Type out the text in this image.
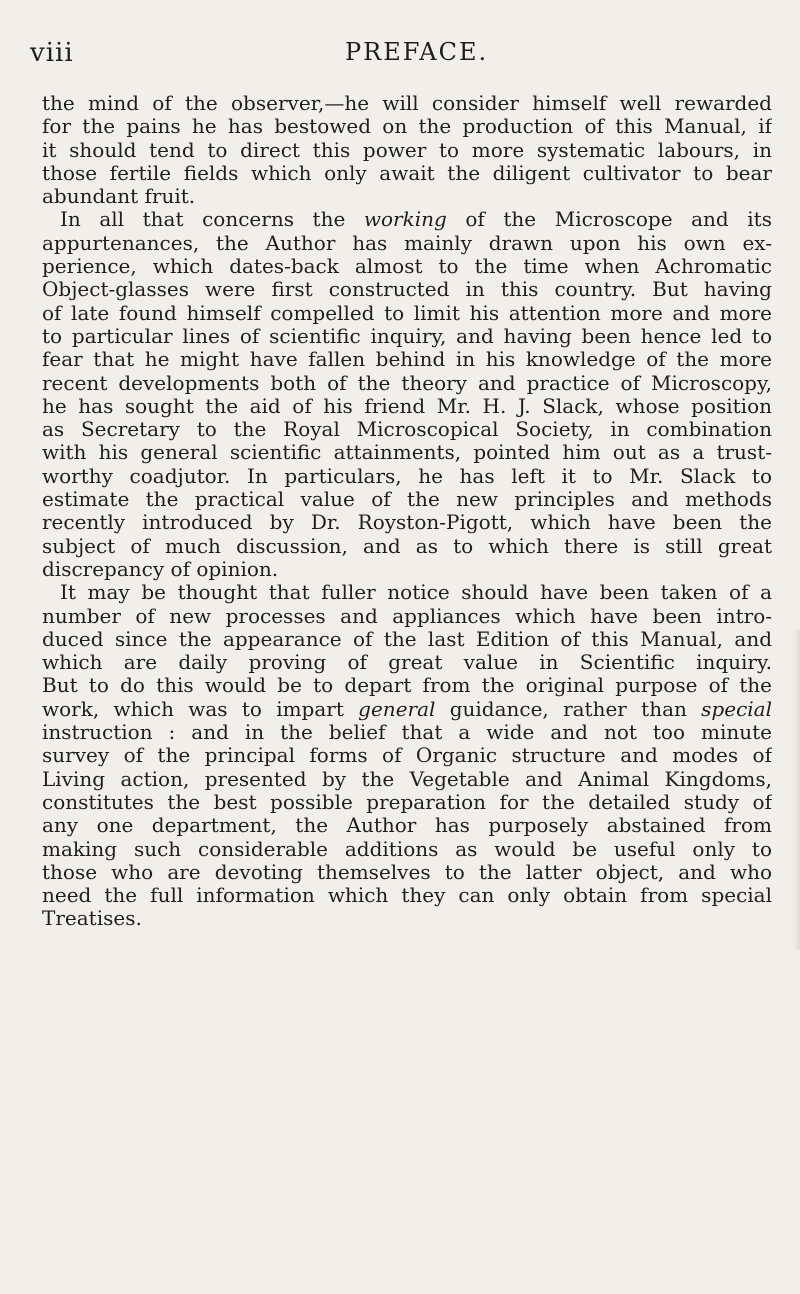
viii	PREFACE.
the mind of the observer,—he will consider himself well rewarded
for the pains he has bestowed on the production of this Manual, if
it should tend to direct this power to more systematic labours, in
those fertile fields which only await the diligent cultivator to bear
abundant fruit.
In all that concerns the working of the Microscope and its
appurtenances, the Author has mainly drawn upon his own ex-
perience, which dates-back almost to the time when Achromatic
Object-glasses were first constructed in this country. But having
of late found himself compelled to limit his attention more and more
to particular lines of scientific inquiry, and having been hence led to
fear that he might have fallen behind in his knowledge of the more
recent developments both of the theory and practice of Microscopy,
he has sought the aid of his friend Mr. H. J. Slack, whose position
as Secretary to the Royal Microscopical Society, in combination
with his general scientific attainments, pointed him out as a trust-
worthy coadjutor. In particulars, he has left it to Mr. Slack to
estimate the practical value of the new principles and methods
recently introduced by Dr. Royston-Pigott, which have been the
subject of much discussion, and as to which there is still great
discrepancy of opinion.
It may be thought that fuller notice should have been taken of a
number of new processes and appliances which have been intro-
duced since the appearance of the last Edition of this Manual, and
which are daily proving of great value in Scientific inquiry.
But to do this would be to depart from the original purpose of the
work, which was to impart general guidance, rather than special
instruction : and in the belief that a wide and not too minute
survey of the principal forms of Organic structure and modes of
Living action, presented by the Vegetable and Animal Kingdoms,
constitutes the best possible preparation for the detailed study of
any one department, the Author has purposely abstained from
making such considerable additions as would be useful only to
those who are devoting themselves to the latter object, and who
need the full information which they can only obtain from special
Treatises.
